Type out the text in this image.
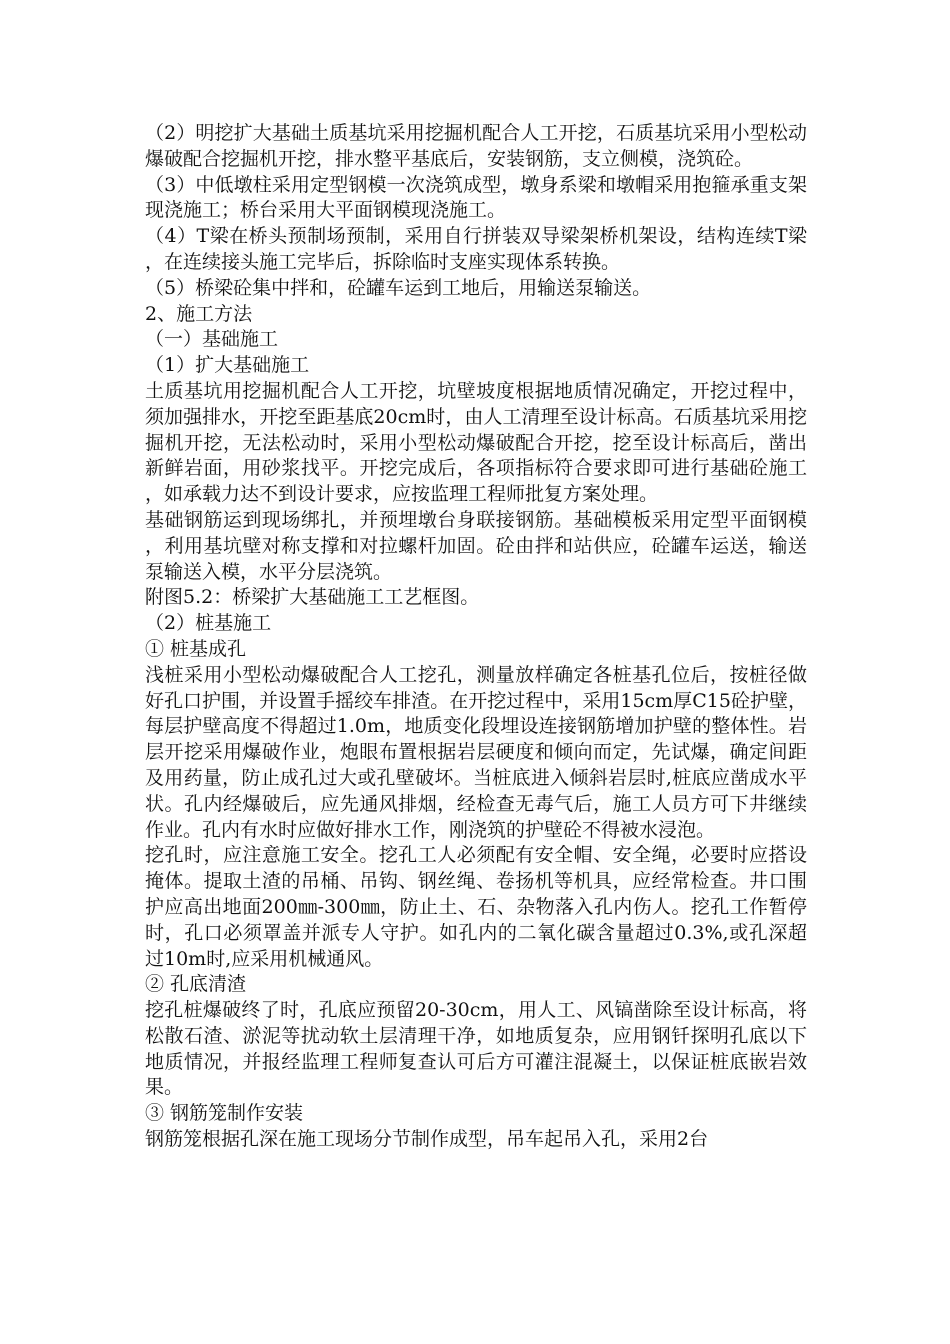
（2）明挖扩大基础土质基坑采用挖掘机配合人工开挖，石质基坑采用小型松动爆破配合挖掘机开挖，排水整平基底后，安装钢筋，支立侧模，浇筑砼。

（3）中低墩柱采用定型钢模一次浇筑成型，墩身系梁和墩帽采用抱箍承重支架现浇施工；桥台采用大平面钢模现浇施工。

（4）T梁在桥头预制场预制，采用自行拼装双导梁架桥机架设，结构连续T梁，在连续接头施工完毕后，拆除临时支座实现体系转换。

（5）桥梁砼集中拌和，砼罐车运到工地后，用输送泵输送。

2、施工方法

（一）基础施工

（1）扩大基础施工

土质基坑用挖掘机配合人工开挖，坑壁坡度根据地质情况确定，开挖过程中，须加强排水，开挖至距基底20cm时，由人工清理至设计标高。石质基坑采用挖掘机开挖，无法松动时，采用小型松动爆破配合开挖，挖至设计标高后，凿出新鲜岩面，用砂浆找平。开挖完成后，各项指标符合要求即可进行基础砼施工，如承载力达不到设计要求，应按监理工程师批复方案处理。

基础钢筋运到现场绑扎，并预埋墩台身联接钢筋。基础模板采用定型平面钢模，利用基坑壁对称支撑和对拉螺杆加固。砼由拌和站供应，砼罐车运送，输送泵输送入模，水平分层浇筑。

附图5.2：桥梁扩大基础施工工艺框图。

（2）桩基施工

① 桩基成孔

浅桩采用小型松动爆破配合人工挖孔，测量放样确定各桩基孔位后，按桩径做好孔口护围，并设置手摇绞车排渣。在开挖过程中，采用15cm厚C15砼护壁，每层护壁高度不得超过1.0m，地质变化段埋设连接钢筋增加护壁的整体性。岩层开挖采用爆破作业，炮眼布置根据岩层硬度和倾向而定，先试爆，确定间距及用药量，防止成孔过大或孔壁破坏。当桩底进入倾斜岩层时,桩底应凿成水平状。孔内经爆破后，应先通风排烟，经检查无毒气后，施工人员方可下井继续作业。孔内有水时应做好排水工作，刚浇筑的护壁砼不得被水浸泡。

挖孔时，应注意施工安全。挖孔工人必须配有安全帽、安全绳，必要时应搭设掩体。提取土渣的吊桶、吊钩、钢丝绳、卷扬机等机具，应经常检查。井口围护应高出地面200㎜-300㎜，防止土、石、杂物落入孔内伤人。挖孔工作暂停时，孔口必须罩盖并派专人守护。如孔内的二氧化碳含量超过0.3%,或孔深超过10m时,应采用机械通风。

② 孔底清渣

挖孔桩爆破终了时，孔底应预留20-30cm，用人工、风镐凿除至设计标高，将松散石渣、淤泥等扰动软土层清理干净，如地质复杂，应用钢钎探明孔底以下地质情况，并报经监理工程师复查认可后方可灌注混凝土，以保证桩底嵌岩效果。

③ 钢筋笼制作安装

钢筋笼根据孔深在施工现场分节制作成型，吊车起吊入孔，采用2台
